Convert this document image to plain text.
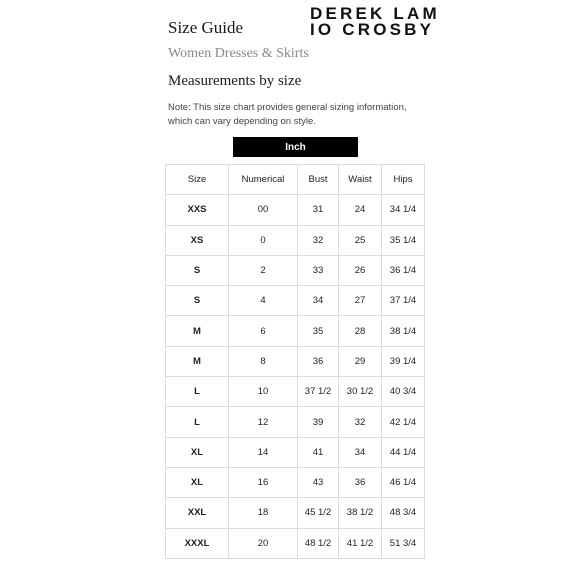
Size Guide
DEREK LAM
IO CROSBY
Women Dresses & Skirts
Measurements by size
Note: This size chart provides general sizing information, which can vary depending on style.
Inch
Size	Numerical	Bust	Waist	Hips
XXS	00	31	24	34 1/4
XS	0	32	25	35 1/4
S	2	33	26	36 1/4
S	4	34	27	37 1/4
M	6	35	28	38 1/4
M	8	36	29	39 1/4
L	10	37 1/2	30 1/2	40 3/4
L	12	39	32	42 1/4
XL	14	41	34	44 1/4
XL	16	43	36	46 1/4
XXL	18	45 1/2	38 1/2	48 3/4
XXXL	20	48 1/2	41 1/2	51 3/4
